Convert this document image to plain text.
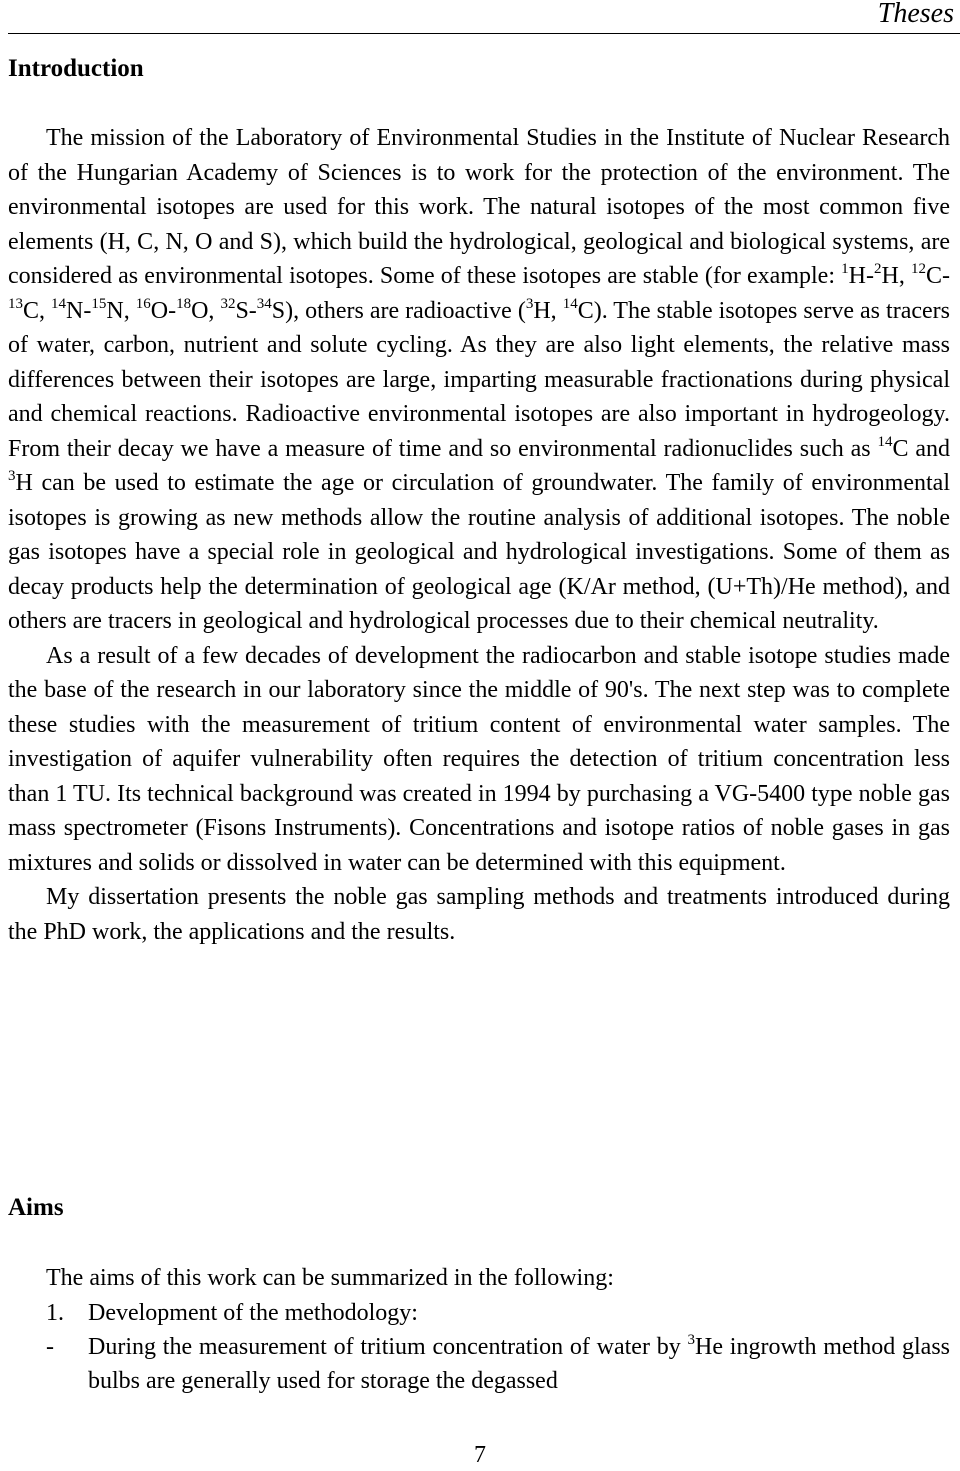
Theses
Introduction

The mission of the Laboratory of Environmental Studies in the Institute of Nuclear Research of the Hungarian Academy of Sciences is to work for the protection of the environment. The environmental isotopes are used for this work. The natural isotopes of the most common five elements (H, C, N, O and S), which build the hydrological, geological and biological systems, are considered as environmental isotopes. Some of these isotopes are stable (for example: $^1$H-$^2$H, $^{12}$C-$^{13}$C, $^{14}$N-$^{15}$N, $^{16}$O-$^{18}$O, $^{32}$S-$^{34}$S), others are radioactive ($^3$H, $^{14}$C). The stable isotopes serve as tracers of water, carbon, nutrient and solute cycling. As they are also light elements, the relative mass differences between their isotopes are large, imparting measurable fractionations during physical and chemical reactions. Radioactive environmental isotopes are also important in hydrogeology. From their decay we have a measure of time and so environmental radionuclides such as $^{14}$C and $^3$H can be used to estimate the age or circulation of groundwater. The family of environmental isotopes is growing as new methods allow the routine analysis of additional isotopes. The noble gas isotopes have a special role in geological and hydrological investigations. Some of them as decay products help the determination of geological age (K/Ar method, (U+Th)/He method), and others are tracers in geological and hydrological processes due to their chemical neutrality.

As a result of a few decades of development the radiocarbon and stable isotope studies made the base of the research in our laboratory since the middle of 90's. The next step was to complete these studies with the measurement of tritium content of environmental water samples. The investigation of aquifer vulnerability often requires the detection of tritium concentration less than 1 TU. Its technical background was created in 1994 by purchasing a VG-5400 type noble gas mass spectrometer (Fisons Instruments). Concentrations and isotope ratios of noble gases in gas mixtures and solids or dissolved in water can be determined with this equipment.

My dissertation presents the noble gas sampling methods and treatments introduced during the PhD work, the applications and the results.

Aims

The aims of this work can be summarized in the following:

1. Development of the methodology:
- During the measurement of tritium concentration of water by $^3$He ingrowth method glass bulbs are generally used for storage the degassed
7
